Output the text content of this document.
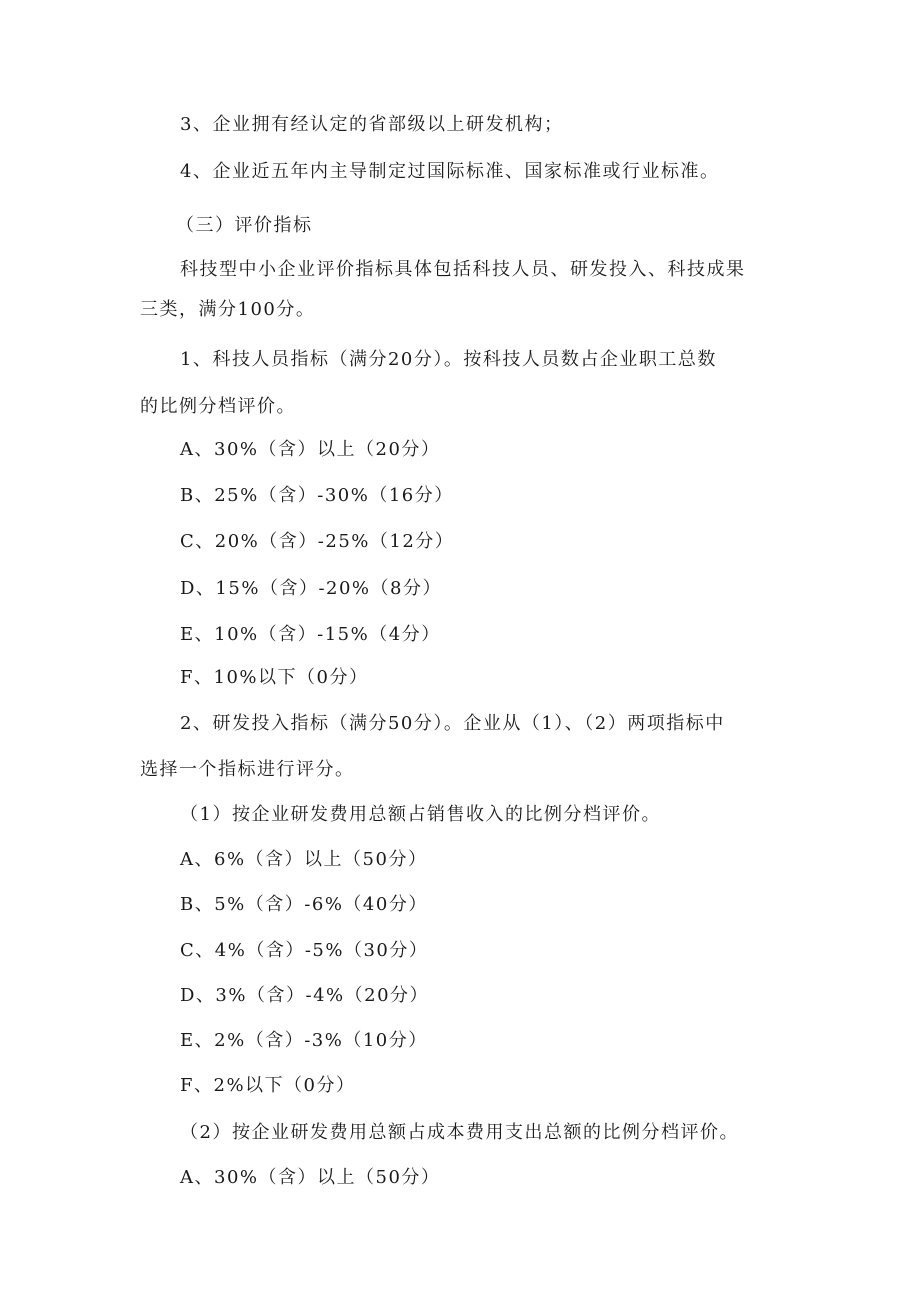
3、企业拥有经认定的省部级以上研发机构；
4、企业近五年内主导制定过国际标准、国家标准或行业标准。
（三）评价指标
科技型中小企业评价指标具体包括科技人员、研发投入、科技成果
三类，满分100分。
1、科技人员指标（满分20分）。按科技人员数占企业职工总数
的比例分档评价。
A、30%（含）以上（20分）
B、25%（含）-30%（16分）
C、20%（含）-25%（12分）
D、15%（含）-20%（8分）
E、10%（含）-15%（4分）
F、10%以下（0分）
2、研发投入指标（满分50分）。企业从（1）、（2）两项指标中
选择一个指标进行评分。
（1）按企业研发费用总额占销售收入的比例分档评价。
A、6%（含）以上（50分）
B、5%（含）-6%（40分）
C、4%（含）-5%（30分）
D、3%（含）-4%（20分）
E、2%（含）-3%（10分）
F、2%以下（0分）
（2）按企业研发费用总额占成本费用支出总额的比例分档评价。
A、30%（含）以上（50分）
